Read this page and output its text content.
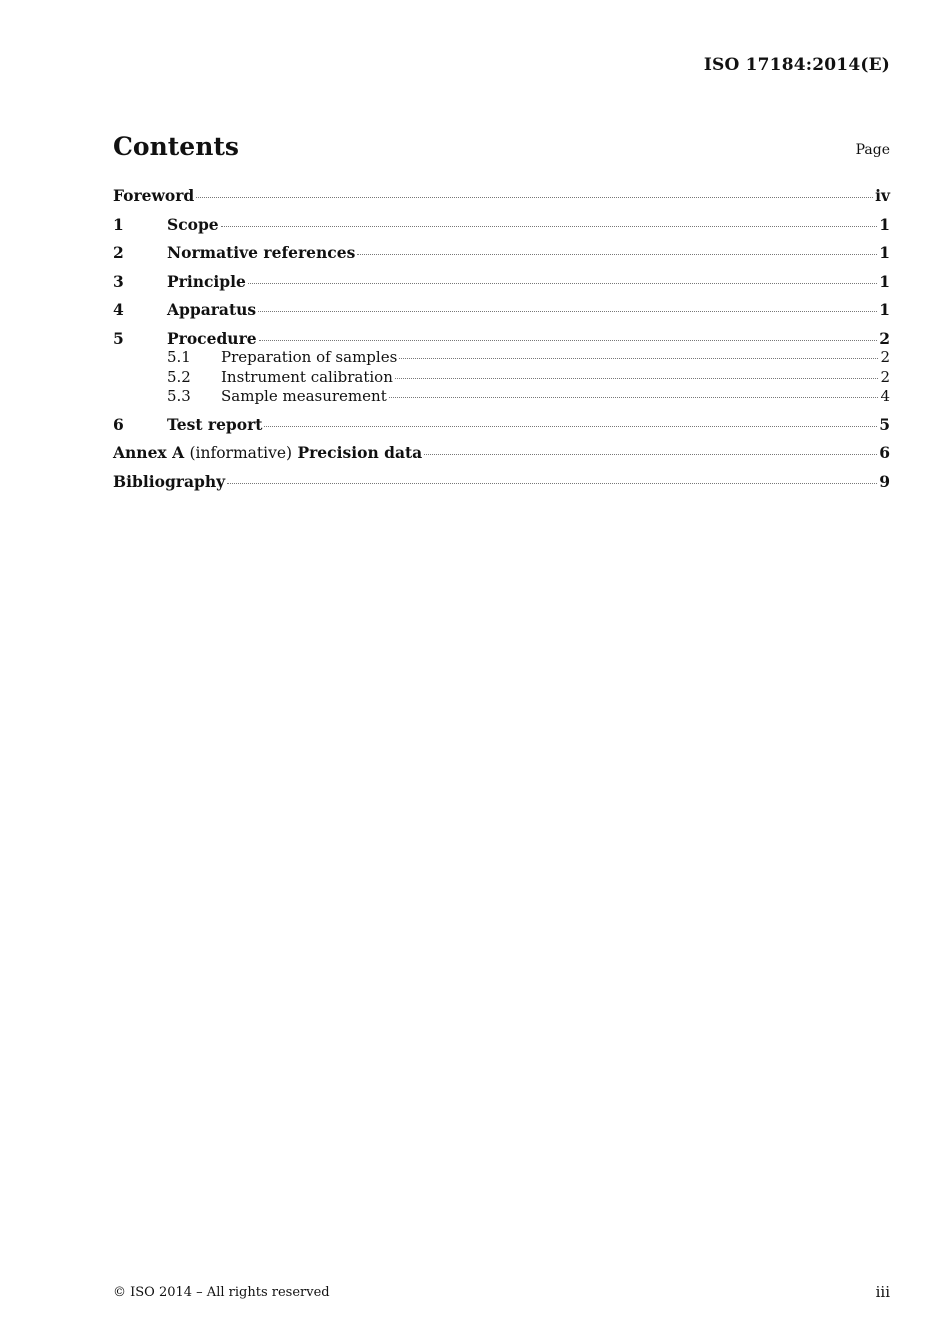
ISO 17184:2014(E)
Contents	Page
Foreword	iv
1	Scope	1
2	Normative references	1
3	Principle	1
4	Apparatus	1
5	Procedure	2
5.1	Preparation of samples	2
5.2	Instrument calibration	2
5.3	Sample measurement	4
6	Test report	5
Annex A (informative) Precision data	6
Bibliography	9
© ISO 2014 – All rights reserved	iii
